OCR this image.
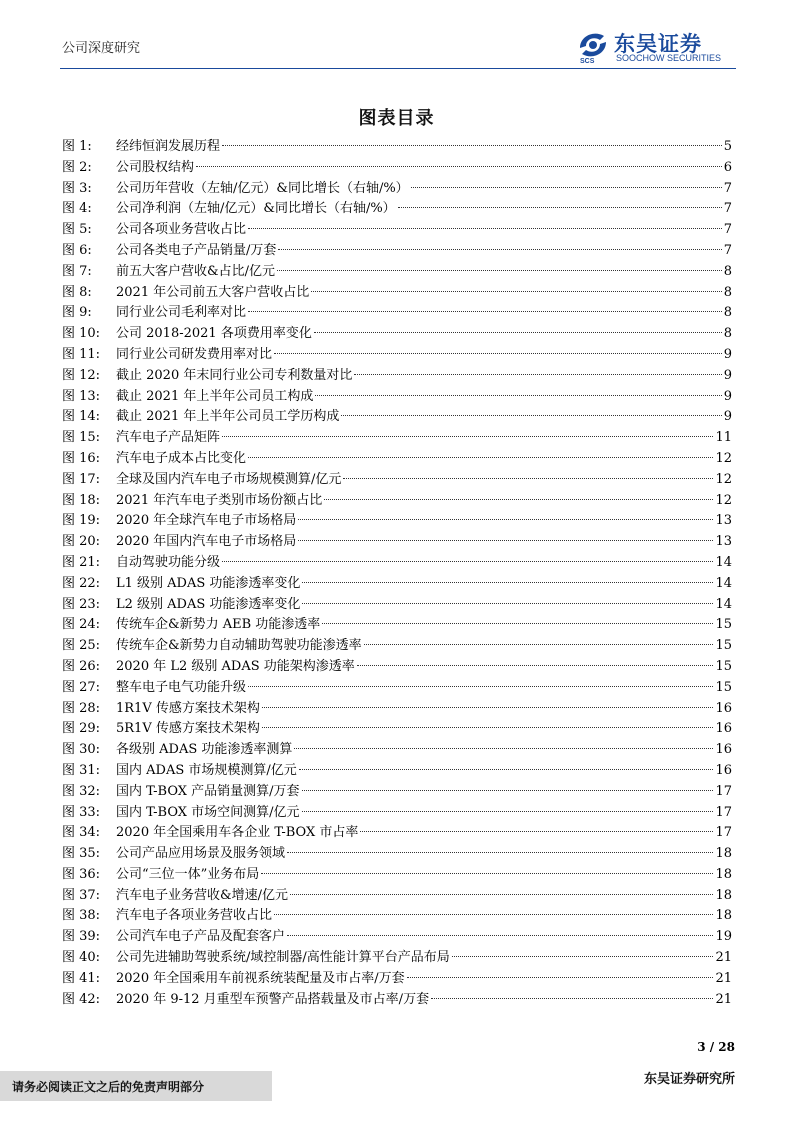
公司深度研究
SCS
东吴证券
SOOCHOW SECURITIES
图表目录
图 1:	经纬恒润发展历程	5
图 2:	公司股权结构	6
图 3:	公司历年营收（左轴/亿元）&同比增长（右轴/%）	7
图 4:	公司净利润（左轴/亿元）&同比增长（右轴/%）	7
图 5:	公司各项业务营收占比	7
图 6:	公司各类电子产品销量/万套	7
图 7:	前五大客户营收&占比/亿元	8
图 8:	2021 年公司前五大客户营收占比	8
图 9:	同行业公司毛利率对比	8
图 10:	公司 2018-2021 各项费用率变化	8
图 11:	同行业公司研发费用率对比	9
图 12:	截止 2020 年末同行业公司专利数量对比	9
图 13:	截止 2021 年上半年公司员工构成	9
图 14:	截止 2021 年上半年公司员工学历构成	9
图 15:	汽车电子产品矩阵	11
图 16:	汽车电子成本占比变化	12
图 17:	全球及国内汽车电子市场规模测算/亿元	12
图 18:	2021 年汽车电子类别市场份额占比	12
图 19:	2020 年全球汽车电子市场格局	13
图 20:	2020 年国内汽车电子市场格局	13
图 21:	自动驾驶功能分级	14
图 22:	L1 级别 ADAS 功能渗透率变化	14
图 23:	L2 级别 ADAS 功能渗透率变化	14
图 24:	传统车企&新势力 AEB 功能渗透率	15
图 25:	传统车企&新势力自动辅助驾驶功能渗透率	15
图 26:	2020 年 L2 级别 ADAS 功能架构渗透率	15
图 27:	整车电子电气功能升级	15
图 28:	1R1V 传感方案技术架构	16
图 29:	5R1V 传感方案技术架构	16
图 30:	各级别 ADAS 功能渗透率测算	16
图 31:	国内 ADAS 市场规模测算/亿元	16
图 32:	国内 T-BOX 产品销量测算/万套	17
图 33:	国内 T-BOX 市场空间测算/亿元	17
图 34:	2020 年全国乘用车各企业 T-BOX 市占率	17
图 35:	公司产品应用场景及服务领域	18
图 36:	公司“三位一体”业务布局	18
图 37:	汽车电子业务营收&增速/亿元	18
图 38:	汽车电子各项业务营收占比	18
图 39:	公司汽车电子产品及配套客户	19
图 40:	公司先进辅助驾驶系统/域控制器/高性能计算平台产品布局	21
图 41:	2020 年全国乘用车前视系统装配量及市占率/万套	21
图 42:	2020 年 9-12 月重型车预警产品搭载量及市占率/万套	21
3 / 28
请务必阅读正文之后的免责声明部分	东吴证券研究所
